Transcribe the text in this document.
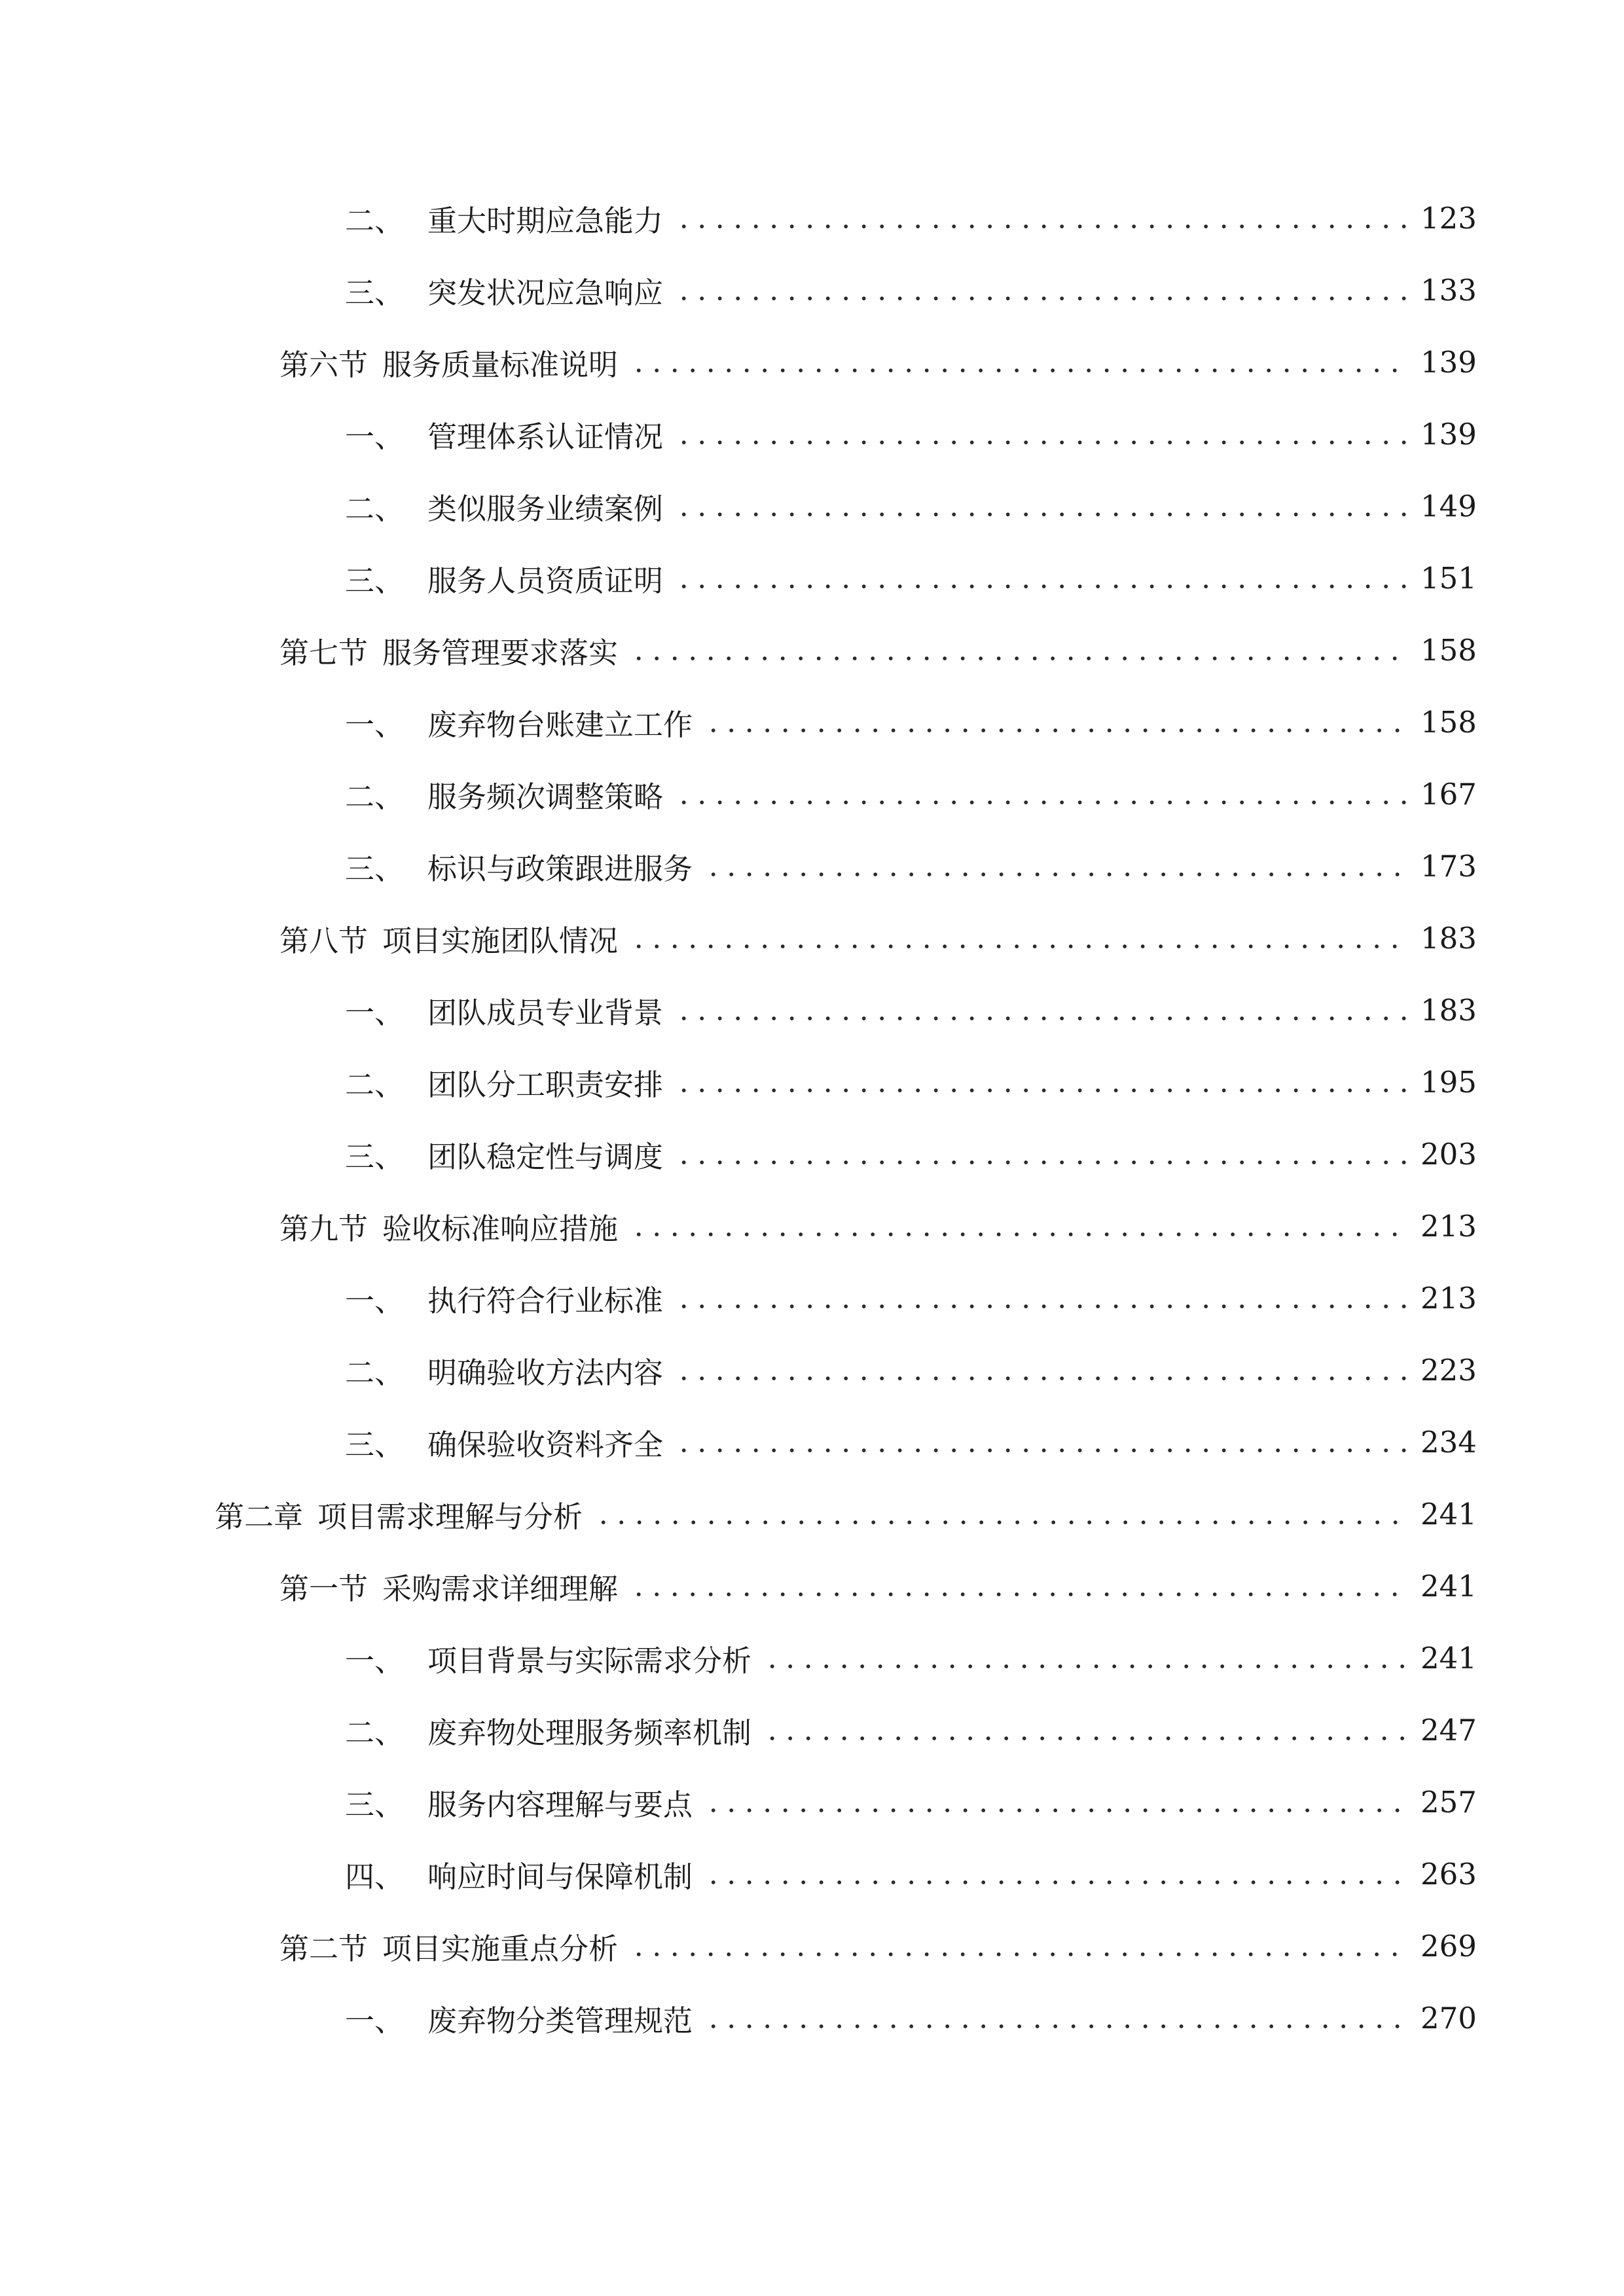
二、 重大时期应急能力	123
三、 突发状况应急响应	133
第六节 服务质量标准说明	139
一、 管理体系认证情况	139
二、 类似服务业绩案例	149
三、 服务人员资质证明	151
第七节 服务管理要求落实	158
一、 废弃物台账建立工作	158
二、 服务频次调整策略	167
三、 标识与政策跟进服务	173
第八节 项目实施团队情况	183
一、 团队成员专业背景	183
二、 团队分工职责安排	195
三、 团队稳定性与调度	203
第九节 验收标准响应措施	213
一、 执行符合行业标准	213
二、 明确验收方法内容	223
三、 确保验收资料齐全	234
第二章 项目需求理解与分析	241
第一节 采购需求详细理解	241
一、 项目背景与实际需求分析	241
二、 废弃物处理服务频率机制	247
三、 服务内容理解与要点	257
四、 响应时间与保障机制	263
第二节 项目实施重点分析	269
一、 废弃物分类管理规范	270
